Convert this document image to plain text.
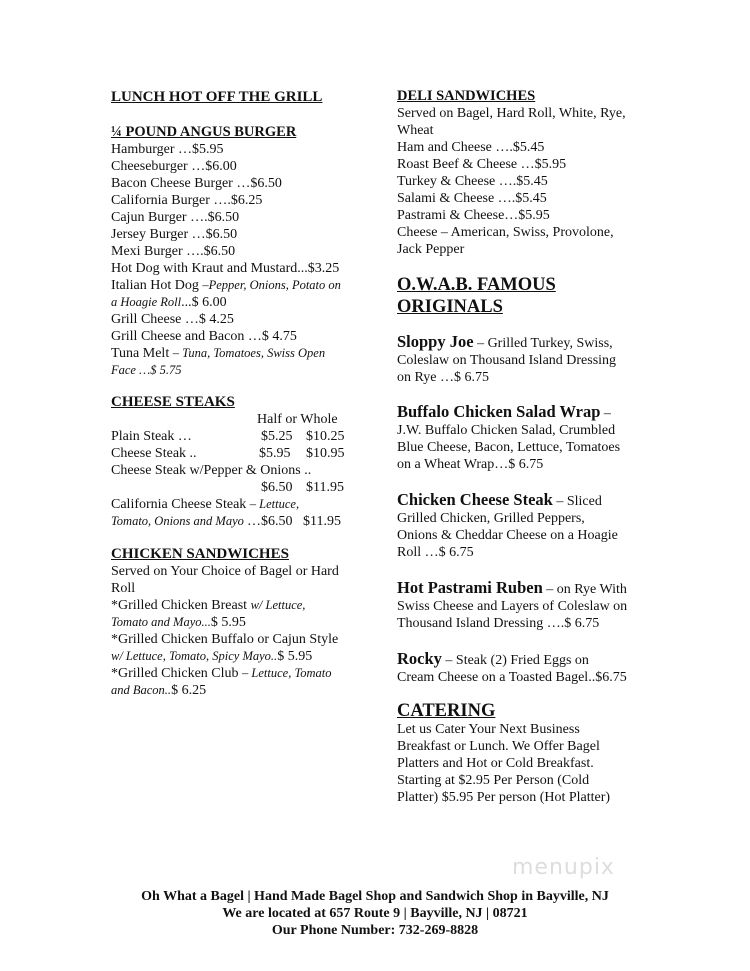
LUNCH HOT OFF THE GRILL
¼ POUND ANGUS BURGER
Hamburger …$5.95
Cheeseburger …$6.00
Bacon Cheese Burger …$6.50
California Burger ….$6.25
Cajun Burger ….$6.50
Jersey Burger …$6.50
Mexi Burger ….$6.50
Hot Dog with Kraut and Mustard...$3.25
Italian Hot Dog –Pepper, Onions, Potato on
a Hoagie Roll...$ 6.00
Grill Cheese …$ 4.25
Grill Cheese and Bacon …$ 4.75
Tuna Melt – Tuna, Tomatoes, Swiss Open
Face …$ 5.75
CHEESE STEAKS
Half or Whole
Plain Steak …	$5.25 $10.25
Cheese Steak ..	$5.95 $10.95
Cheese Steak w/Pepper & Onions ..
$6.50 $11.95
California Cheese Steak – Lettuce,
Tomato, Onions and Mayo …$6.50 $11.95
CHICKEN SANDWICHES
Served on Your Choice of Bagel or Hard
Roll
*Grilled Chicken Breast w/ Lettuce,
Tomato and Mayo...$ 5.95
*Grilled Chicken Buffalo or Cajun Style
w/ Lettuce, Tomato, Spicy Mayo..$ 5.95
*Grilled Chicken Club – Lettuce, Tomato
and Bacon..$ 6.25
DELI SANDWICHES
Served on Bagel, Hard Roll, White, Rye,
Wheat
Ham and Cheese ….$5.45
Roast Beef & Cheese …$5.95
Turkey & Cheese ….$5.45
Salami & Cheese ….$5.45
Pastrami & Cheese…$5.95
Cheese – American, Swiss, Provolone,
Jack Pepper
O.W.A.B. FAMOUS
ORIGINALS
Sloppy Joe – Grilled Turkey, Swiss,
Coleslaw on Thousand Island Dressing
on Rye …$ 6.75
Buffalo Chicken Salad Wrap –
J.W. Buffalo Chicken Salad, Crumbled
Blue Cheese, Bacon, Lettuce, Tomatoes
on a Wheat Wrap…$ 6.75
Chicken Cheese Steak – Sliced
Grilled Chicken, Grilled Peppers,
Onions & Cheddar Cheese on a Hoagie
Roll …$ 6.75
Hot Pastrami Ruben – on Rye With
Swiss Cheese and Layers of Coleslaw on
Thousand Island Dressing ….$ 6.75
Rocky – Steak (2) Fried Eggs on
Cream Cheese on a Toasted Bagel..$6.75
CATERING
Let us Cater Your Next Business
Breakfast or Lunch. We Offer Bagel
Platters and Hot or Cold Breakfast.
Starting at $2.95 Per Person (Cold
Platter) $5.95 Per person (Hot Platter)
menupix
Oh What a Bagel | Hand Made Bagel Shop and Sandwich Shop in Bayville, NJ
We are located at 657 Route 9 | Bayville, NJ | 08721
Our Phone Number: 732-269-8828
